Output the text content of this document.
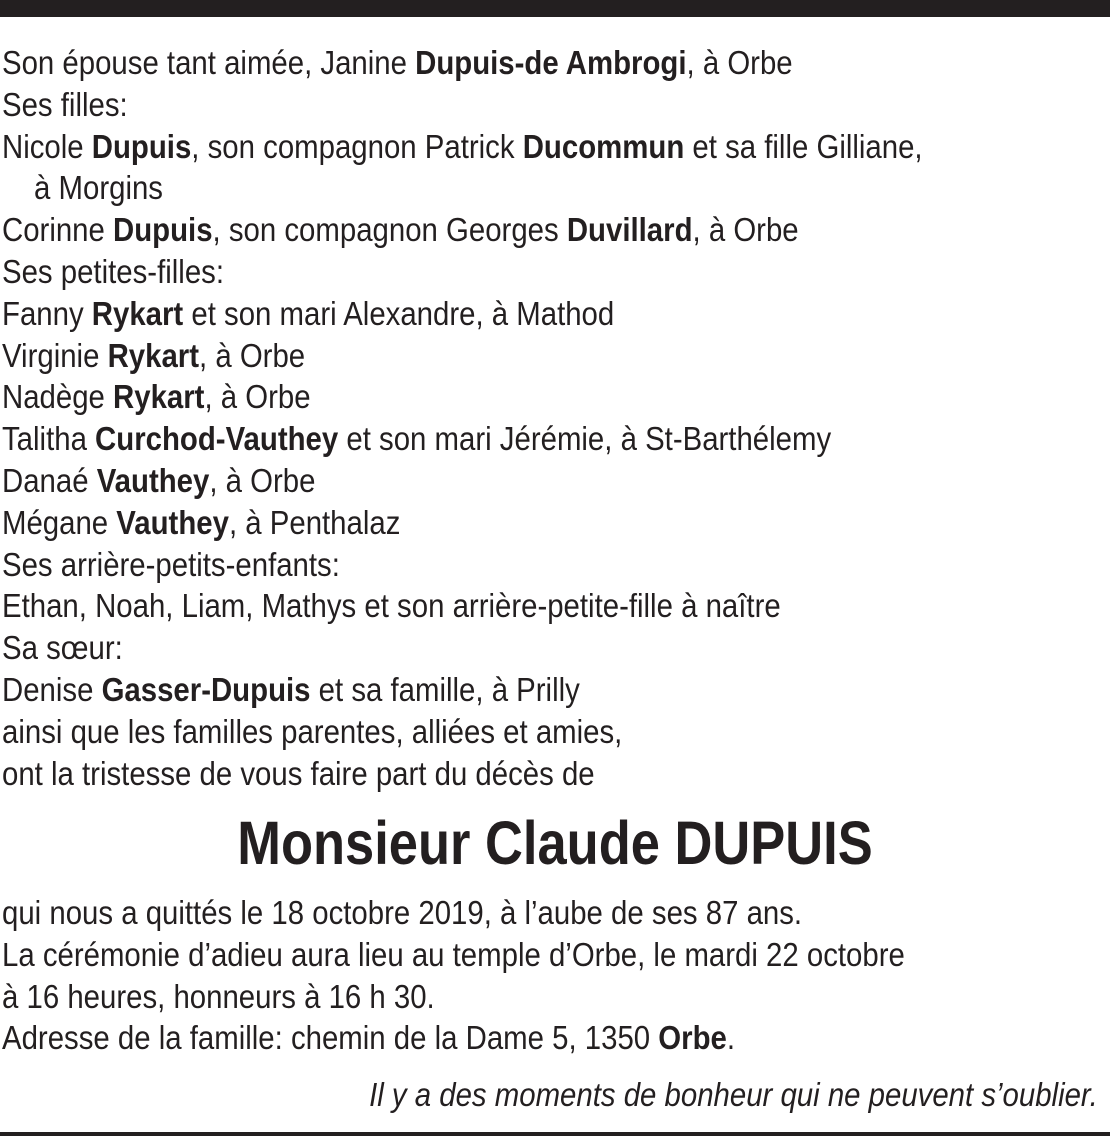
Son épouse tant aimée, Janine Dupuis-de Ambrogi, à Orbe
Ses filles:
Nicole Dupuis, son compagnon Patrick Ducommun et sa fille Gilliane,
à Morgins
Corinne Dupuis, son compagnon Georges Duvillard, à Orbe
Ses petites-filles:
Fanny Rykart et son mari Alexandre, à Mathod
Virginie Rykart, à Orbe
Nadège Rykart, à Orbe
Talitha Curchod-Vauthey et son mari Jérémie, à St-Barthélemy
Danaé Vauthey, à Orbe
Mégane Vauthey, à Penthalaz
Ses arrière-petits-enfants:
Ethan, Noah, Liam, Mathys et son arrière-petite-fille à naître
Sa sœur:
Denise Gasser-Dupuis et sa famille, à Prilly
ainsi que les familles parentes, alliées et amies,
ont la tristesse de vous faire part du décès de
Monsieur Claude DUPUIS
qui nous a quittés le 18 octobre 2019, à l’aube de ses 87 ans.
La cérémonie d’adieu aura lieu au temple d’Orbe, le mardi 22 octobre
à 16 heures, honneurs à 16 h 30.
Adresse de la famille: chemin de la Dame 5, 1350 Orbe.
Il y a des moments de bonheur qui ne peuvent s’oublier.
